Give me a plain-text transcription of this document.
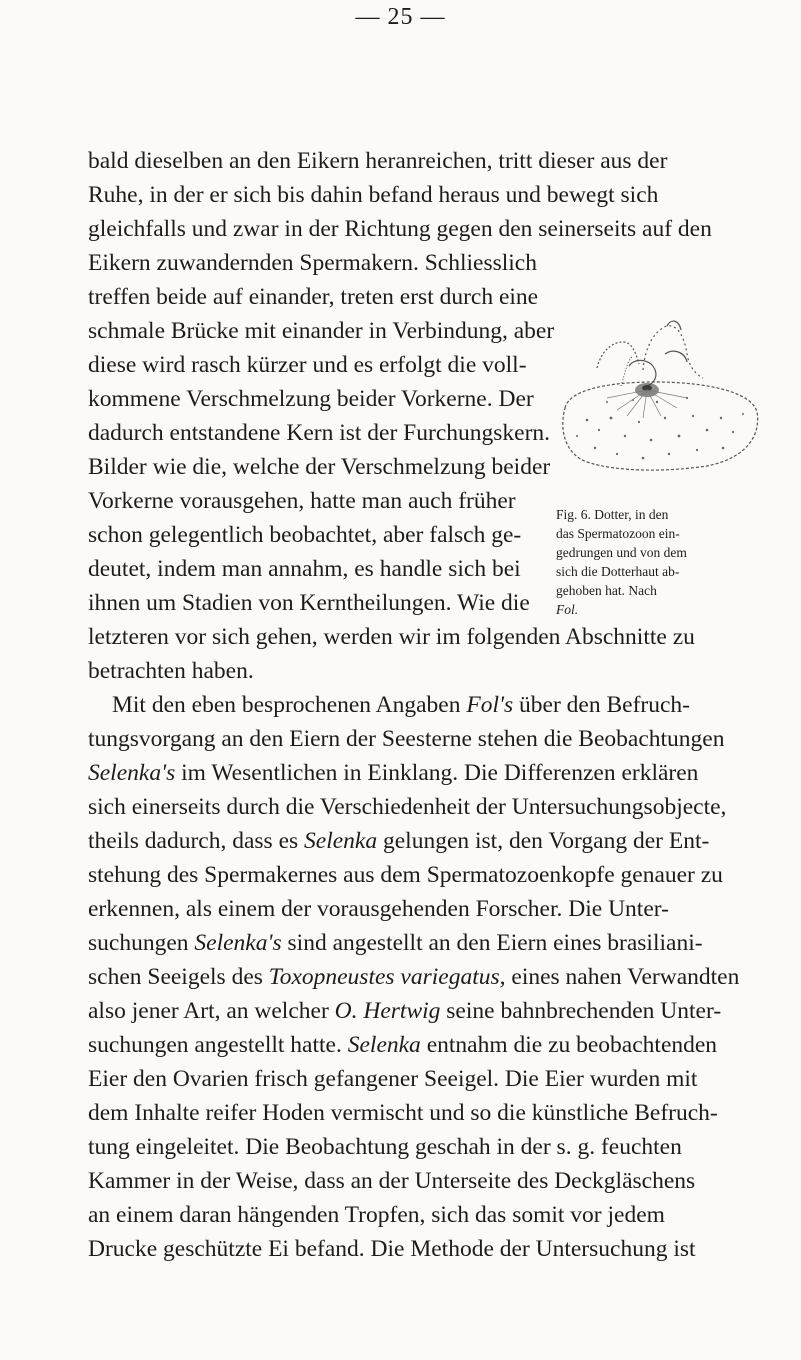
— 25 —
bald dieselben an den Eikern heranreichen, tritt dieser aus der
Ruhe, in der er sich bis dahin befand heraus und bewegt sich
gleichfalls und zwar in der Richtung gegen den seinerseits auf den
Eikern zuwandernden Spermakern. Schliesslich
treffen beide auf einander, treten erst durch eine
schmale Brücke mit einander in Verbindung, aber
diese wird rasch kürzer und es erfolgt die voll-
kommene Verschmelzung beider Vorkerne. Der
dadurch entstandene Kern ist der Furchungskern.
Bilder wie die, welche der Verschmelzung beider
Vorkerne vorausgehen, hatte man auch früher
schon gelegentlich beobachtet, aber falsch ge-
deutet, indem man annahm, es handle sich bei
ihnen um Stadien von Kerntheilungen. Wie die
letzteren vor sich gehen, werden wir im folgenden Abschnitte zu
betrachten haben.
Mit den eben besprochenen Angaben Fol's über den Befruch-
tungsvorgang an den Eiern der Seesterne stehen die Beobachtungen
Selenka's im Wesentlichen in Einklang. Die Differenzen erklären
sich einerseits durch die Verschiedenheit der Untersuchungsobjecte,
theils dadurch, dass es Selenka gelungen ist, den Vorgang der Ent-
stehung des Spermakernes aus dem Spermatozoenkopfe genauer zu
erkennen, als einem der vorausgehenden Forscher. Die Unter-
suchungen Selenka's sind angestellt an den Eiern eines brasiliani-
schen Seeigels des Toxopneustes variegatus, eines nahen Verwandten
also jener Art, an welcher O. Hertwig seine bahnbrechenden Unter-
suchungen angestellt hatte. Selenka entnahm die zu beobachtenden
Eier den Ovarien frisch gefangener Seeigel. Die Eier wurden mit
dem Inhalte reifer Hoden vermischt und so die künstliche Befruch-
tung eingeleitet. Die Beobachtung geschah in der s. g. feuchten
Kammer in der Weise, dass an der Unterseite des Deckgläschens
an einem daran hängenden Tropfen, sich das somit vor jedem
Drucke geschützte Ei befand. Die Methode der Untersuchung ist
Fig. 6. Dotter, in den
das Spermatozoon ein-
gedrungen und von dem
sich die Dotterhaut ab-
gehoben hat. Nach
Fol.
